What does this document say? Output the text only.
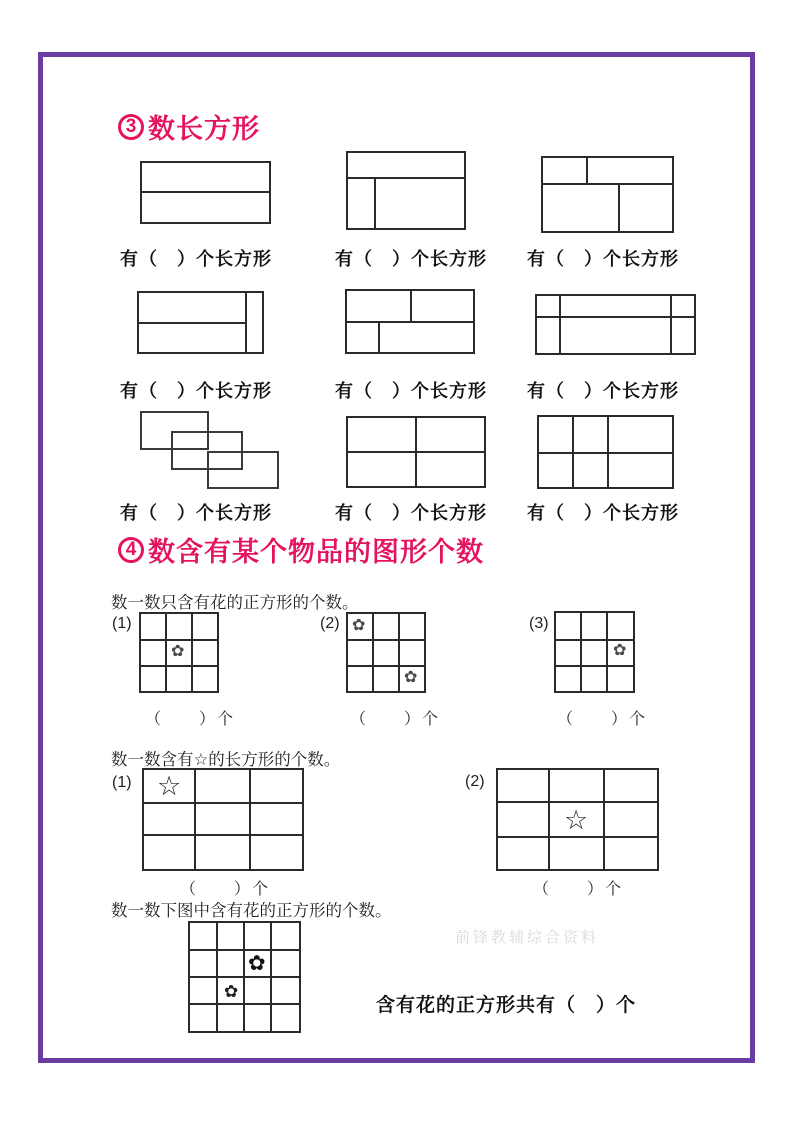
3 数长方形
有（　）个长方形	有（　）个长方形 有（　）个长方形
有（　）个长方形	有（　）个长方形 有（　）个长方形
有（　）个长方形	有（　）个长方形 有（　）个长方形
4 数含有某个物品的图形个数
数一数只含有花的正方形的个数。
(1)
✿
（　　）个
(2) ✿
✿
（　　）个
(3)
✿
（　　）个
数一数含有☆的长方形的个数。
(1) ☆
（　　）个
(2)
☆
（　　）个
数一数下图中含有花的正方形的个数。
前锋教辅综合资料
✿
✿
含有花的正方形共有（　）个
